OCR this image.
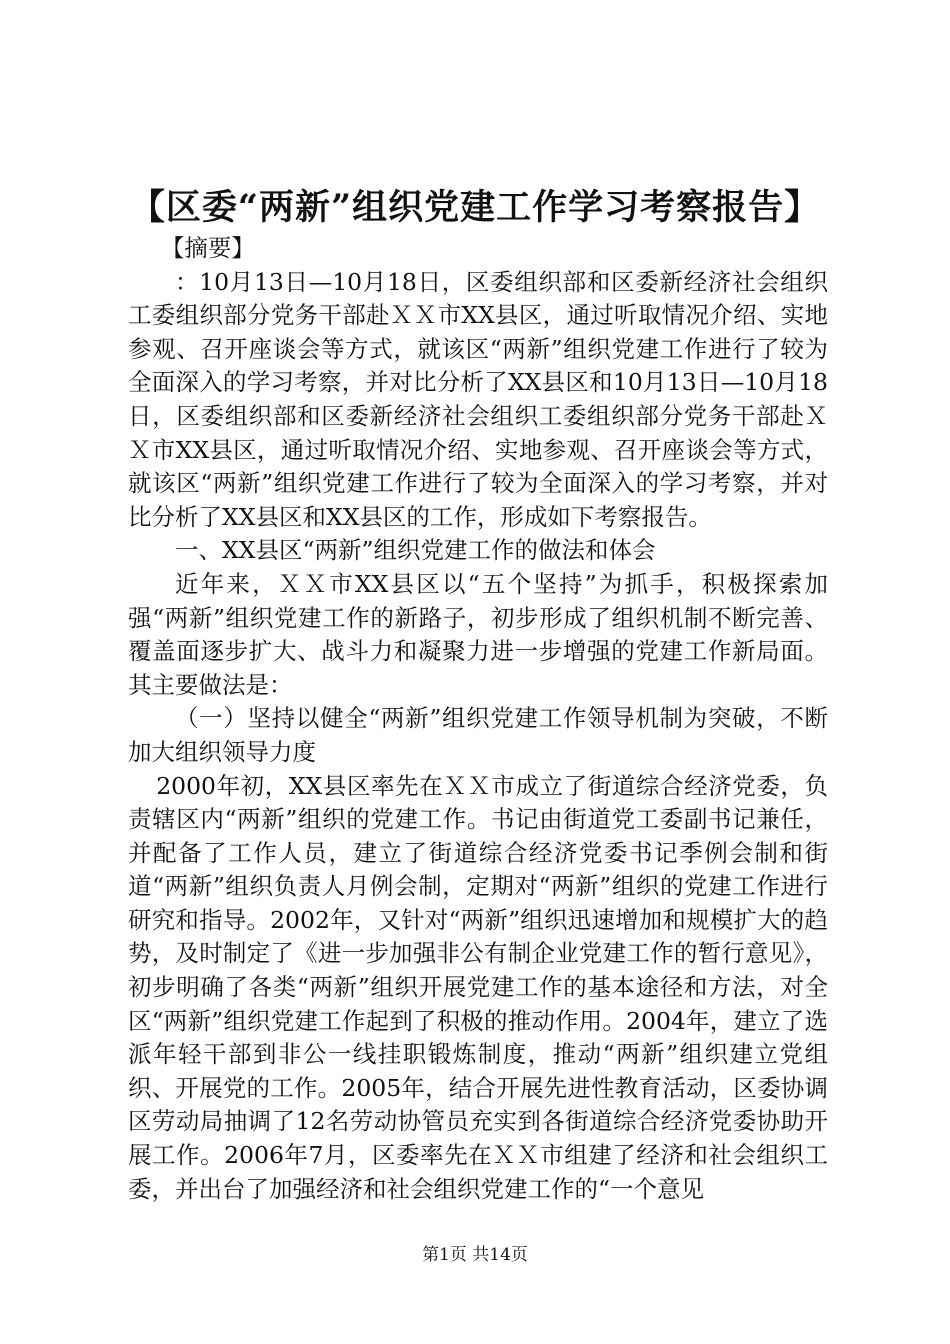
【区委“两新”组织党建工作学习考察报告】

【摘要】

：10月13日—10月18日，区委组织部和区委新经济社会组织工委组织部分党务干部赴ＸＸ市XX县区，通过听取情况介绍、实地参观、召开座谈会等方式，就该区“两新”组织党建工作进行了较为全面深入的学习考察，并对比分析了XX县区和10月13日—10月18日，区委组织部和区委新经济社会组织工委组织部分党务干部赴ＸＸ市XX县区，通过听取情况介绍、实地参观、召开座谈会等方式，就该区“两新”组织党建工作进行了较为全面深入的学习考察，并对比分析了XX县区和XX县区的工作，形成如下考察报告。

一、XX县区“两新”组织党建工作的做法和体会

近年来，ＸＸ市XX县区以“五个坚持”为抓手，积极探索加强“两新”组织党建工作的新路子，初步形成了组织机制不断完善、覆盖面逐步扩大、战斗力和凝聚力进一步增强的党建工作新局面。其主要做法是：

（一）坚持以健全“两新”组织党建工作领导机制为突破，不断加大组织领导力度

2000年初，XX县区率先在ＸＸ市成立了街道综合经济党委，负责辖区内“两新”组织的党建工作。书记由街道党工委副书记兼任，并配备了工作人员，建立了街道综合经济党委书记季例会制和街道“两新”组织负责人月例会制，定期对“两新”组织的党建工作进行研究和指导。2002年，又针对“两新”组织迅速增加和规模扩大的趋势，及时制定了《进一步加强非公有制企业党建工作的暂行意见》，初步明确了各类“两新”组织开展党建工作的基本途径和方法，对全区“两新”组织党建工作起到了积极的推动作用。2004年，建立了选派年轻干部到非公一线挂职锻炼制度，推动“两新”组织建立党组织、开展党的工作。2005年，结合开展先进性教育活动，区委协调区劳动局抽调了12名劳动协管员充实到各街道综合经济党委协助开展工作。2006年7月，区委率先在ＸＸ市组建了经济和社会组织工委，并出台了加强经济和社会组织党建工作的“一个意见

第1页 共14页
